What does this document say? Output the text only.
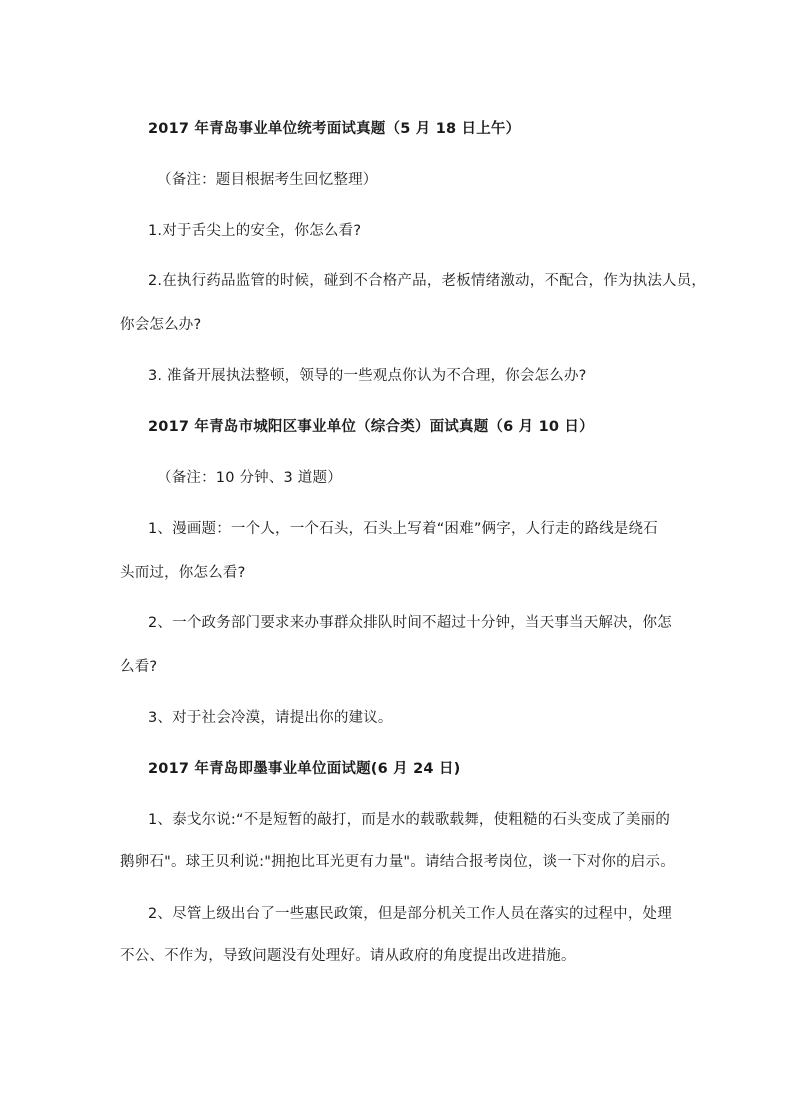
2017 年青岛事业单位统考面试真题（5 月 18 日上午）
（备注：题目根据考生回忆整理）
1.对于舌尖上的安全，你怎么看?
2.在执行药品监管的时候，碰到不合格产品，老板情绪激动，不配合，作为执法人员，
你会怎么办?
3. 准备开展执法整顿，领导的一些观点你认为不合理，你会怎么办?
2017 年青岛市城阳区事业单位（综合类）面试真题（6 月 10 日）
（备注：10 分钟、3 道题）
1、漫画题：一个人，一个石头，石头上写着“困难”俩字，人行走的路线是绕石
头而过，你怎么看?
2、一个政务部门要求来办事群众排队时间不超过十分钟，当天事当天解决，你怎
么看?
3、对于社会冷漠，请提出你的建议。
2017 年青岛即墨事业单位面试题(6 月 24 日)
1、泰戈尔说:“不是短暂的敲打，而是水的载歌载舞，使粗糙的石头变成了美丽的
鹅卵石"。球王贝利说:"拥抱比耳光更有力量"。请结合报考岗位，谈一下对你的启示。
2、尽管上级出台了一些惠民政策，但是部分机关工作人员在落实的过程中，处理
不公、不作为，导致问题没有处理好。请从政府的角度提出改进措施。
